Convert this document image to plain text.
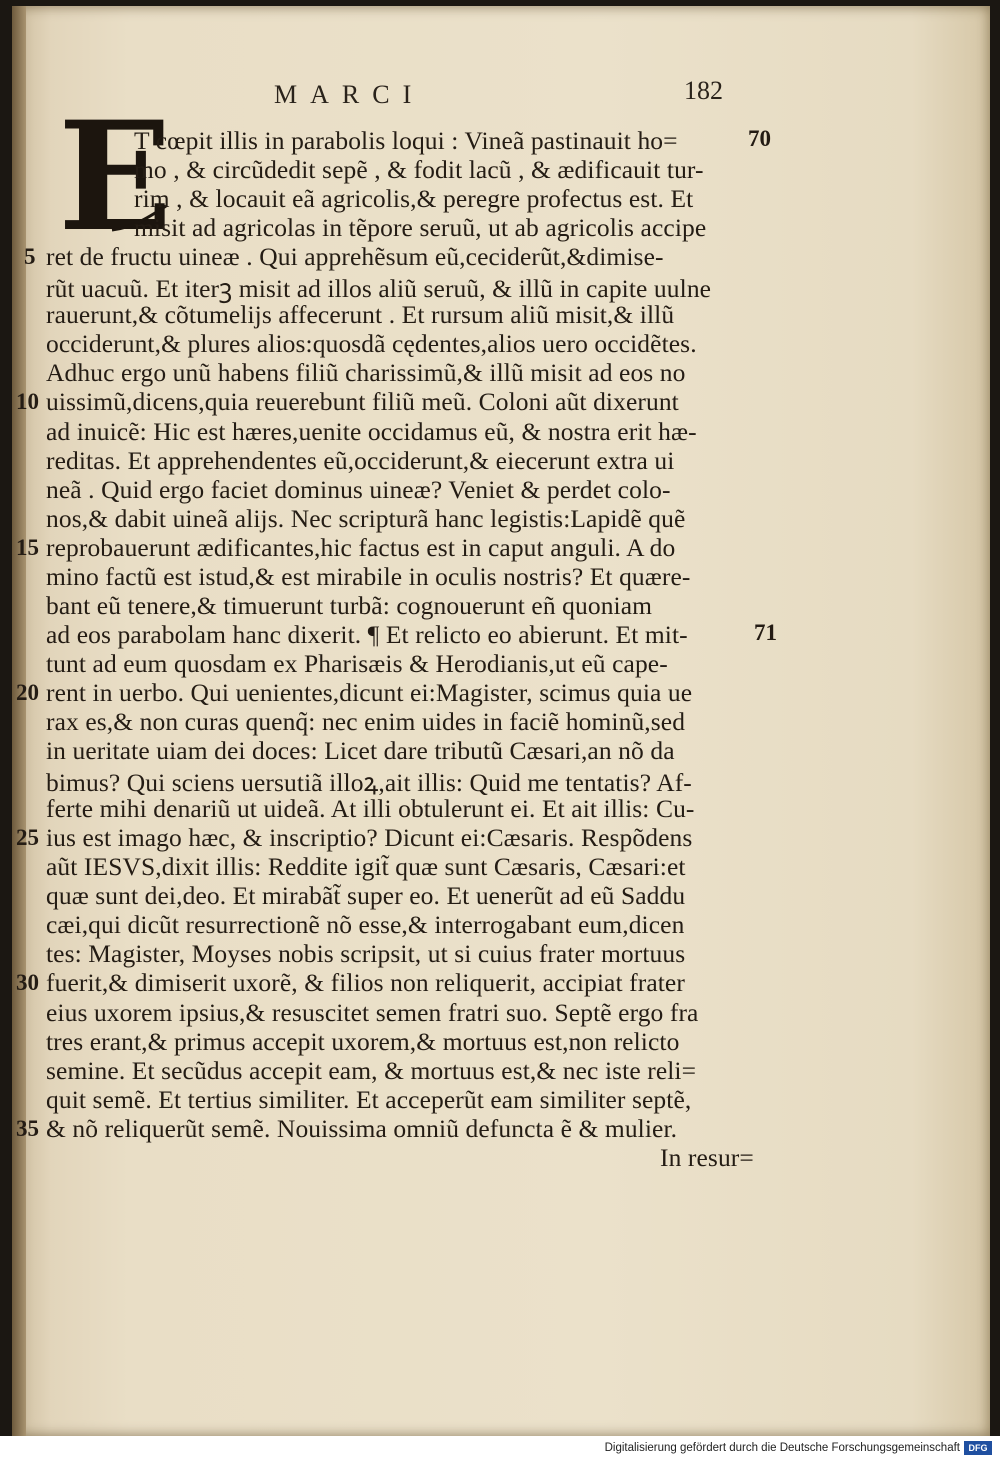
MARCI	182
E
T cœpit illis in parabolis loqui : Vineã pastinauit ho=
mo , & circũdedit sepẽ , & fodit lacũ , & ædificauit tur-
rim , & locauit eã agricolis,& peregre profectus est. Et
misit ad agricolas in tẽpore seruũ, ut ab agricolis accipe
ret de fructu uineæ . Qui apprehẽsum eũ,ceciderũt,&dimise-
rũt uacuũ. Et iterꝫ misit ad illos aliũ seruũ, & illũ in capite uulne
rauerunt,& cõtumelijs affecerunt . Et rursum aliũ misit,& illũ
occiderunt,& plures alios:quosdã cędentes,alios uero occidẽtes.
Adhuc ergo unũ habens filiũ charissimũ,& illũ misit ad eos no
uissimũ,dicens,quia reuerebunt filiũ meũ. Coloni aũt dixerunt
ad inuicẽ: Hic est hæres,uenite occidamus eũ, & nostra erit hæ-
reditas. Et apprehendentes eũ,occiderunt,& eiecerunt extra ui
neã . Quid ergo faciet dominus uineæ? Veniet & perdet colo-
nos,& dabit uineã alijs. Nec scripturã hanc legistis:Lapidẽ quẽ
reprobauerunt ædificantes,hic factus est in caput anguli. A do
mino factũ est istud,& est mirabile in oculis nostris? Et quære-
bant eũ tenere,& timuerunt turbã: cognouerunt eñ quoniam
ad eos parabolam hanc dixerit. ¶ Et relicto eo abierunt. Et mit-
tunt ad eum quosdam ex Pharisæis & Herodianis,ut eũ cape-
rent in uerbo. Qui uenientes,dicunt ei:Magister, scimus quia ue
rax es,& non curas quenq̃: nec enim uides in faciẽ hominũ,sed
in ueritate uiam dei doces: Licet dare tributũ Cæsari,an nõ da
bimus? Qui sciens uersutiã illoꝝ,ait illis: Quid me tentatis? Af-
ferte mihi denariũ ut uideã. At illi obtulerunt ei. Et ait illis: Cu-
ius est imago hæc, & inscriptio? Dicunt ei:Cæsaris. Respõdens
aũt IESVS,dixit illis: Reddite igit̃ quæ sunt Cæsaris, Cæsari:et
quæ sunt dei,deo. Et mirabãt̃ super eo. Et uenerũt ad eũ Saddu
cæi,qui dicũt resurrectionẽ nõ esse,& interrogabant eum,dicen
tes: Magister, Moyses nobis scripsit, ut si cuius frater mortuus
fuerit,& dimiserit uxorẽ, & filios non reliquerit, accipiat frater
eius uxorem ipsius,& resuscitet semen fratri suo. Septẽ ergo fra
tres erant,& primus accepit uxorem,& mortuus est,non relicto
semine. Et secũdus accepit eam, & mortuus est,& nec iste reli=
quit semẽ. Et tertius similiter. Et acceperũt eam similiter septẽ,
& nõ reliquerũt semẽ. Nouissima omniũ defuncta ẽ & mulier.
In resur=
5
10
15
20
25
30
35
70
71
Digitalisierung gefördert durch die Deutsche Forschungsgemeinschaft DFG
